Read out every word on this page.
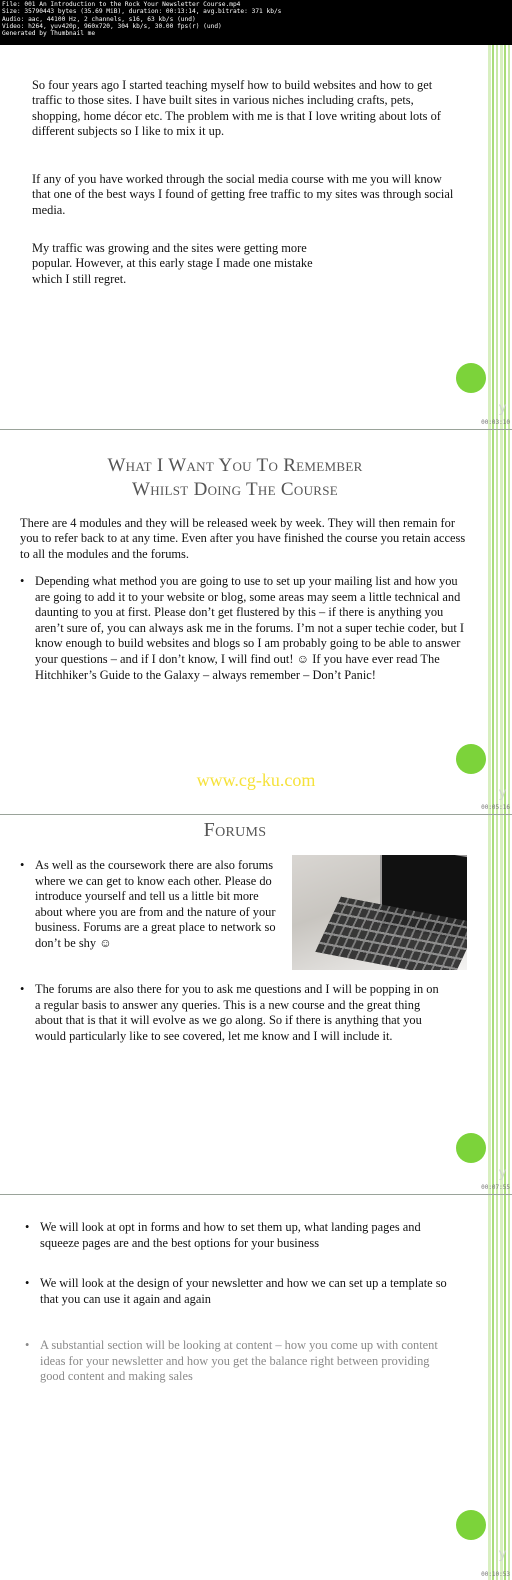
File: 001 An Introduction to the Rock Your Newsletter Course.mp4
Size: 35790443 bytes (35.69 MiB), duration: 00:13:14, avg.bitrate: 371 kb/s
Audio: aac, 44100 Hz, 2 channels, s16, 63 kb/s (und)
Video: h264, yuv420p, 960x720, 304 kb/s, 30.00 fps(r) (und)
Generated by Thumbnail me

So four years ago I started teaching myself how to build websites and how to get traffic to those sites. I have built sites in various niches including crafts, pets, shopping, home décor etc. The problem with me is that I love writing about lots of different subjects so I like to mix it up.

If any of you have worked through the social media course with me you will know that one of the best ways I found of getting free traffic to my sites was through social media.

My traffic was growing and the sites were getting more popular. However, at this early stage I made one mistake which I still regret.

y
00:03:10
What I Want You To Remember
Whilst Doing The Course

There are 4 modules and they will be released week by week. They will then remain for you to refer back to at any time. Even after you have finished the course you retain access to all the modules and the forums.

• Depending what method you are going to use to set up your mailing list and how you are going to add it to your website or blog, some areas may seem a little technical and daunting to you at first. Please don’t get flustered by this – if there is anything you aren’t sure of, you can always ask me in the forums. I’m not a super techie coder, but I know enough to build websites and blogs so I am probably going to be able to answer your questions – and if I don’t know, I will find out! ☺ If you have ever read The Hitchhiker’s Guide to the Galaxy – always remember – Don’t Panic!

www.cg-ku.com
y
00:05:16
Forums
• As well as the coursework there are also forums where we can get to know each other. Please do introduce yourself and tell us a little bit more about where you are from and the nature of your business. Forums are a great place to network so don’t be shy ☺

• The forums are also there for you to ask me questions and I will be popping in on a regular basis to answer any queries. This is a new course and the great thing about that is that it will evolve as we go along. So if there is anything that you would particularly like to see covered, let me know and I will include it.

y
00:07:55
• We will look at opt in forms and how to set them up, what landing pages and squeeze pages are and the best options for your business

• We will look at the design of your newsletter and how we can set up a template so that you can use it again and again

• A substantial section will be looking at content – how you come up with content ideas for your newsletter and how you get the balance right between providing good content and making sales

y
00:10:53
